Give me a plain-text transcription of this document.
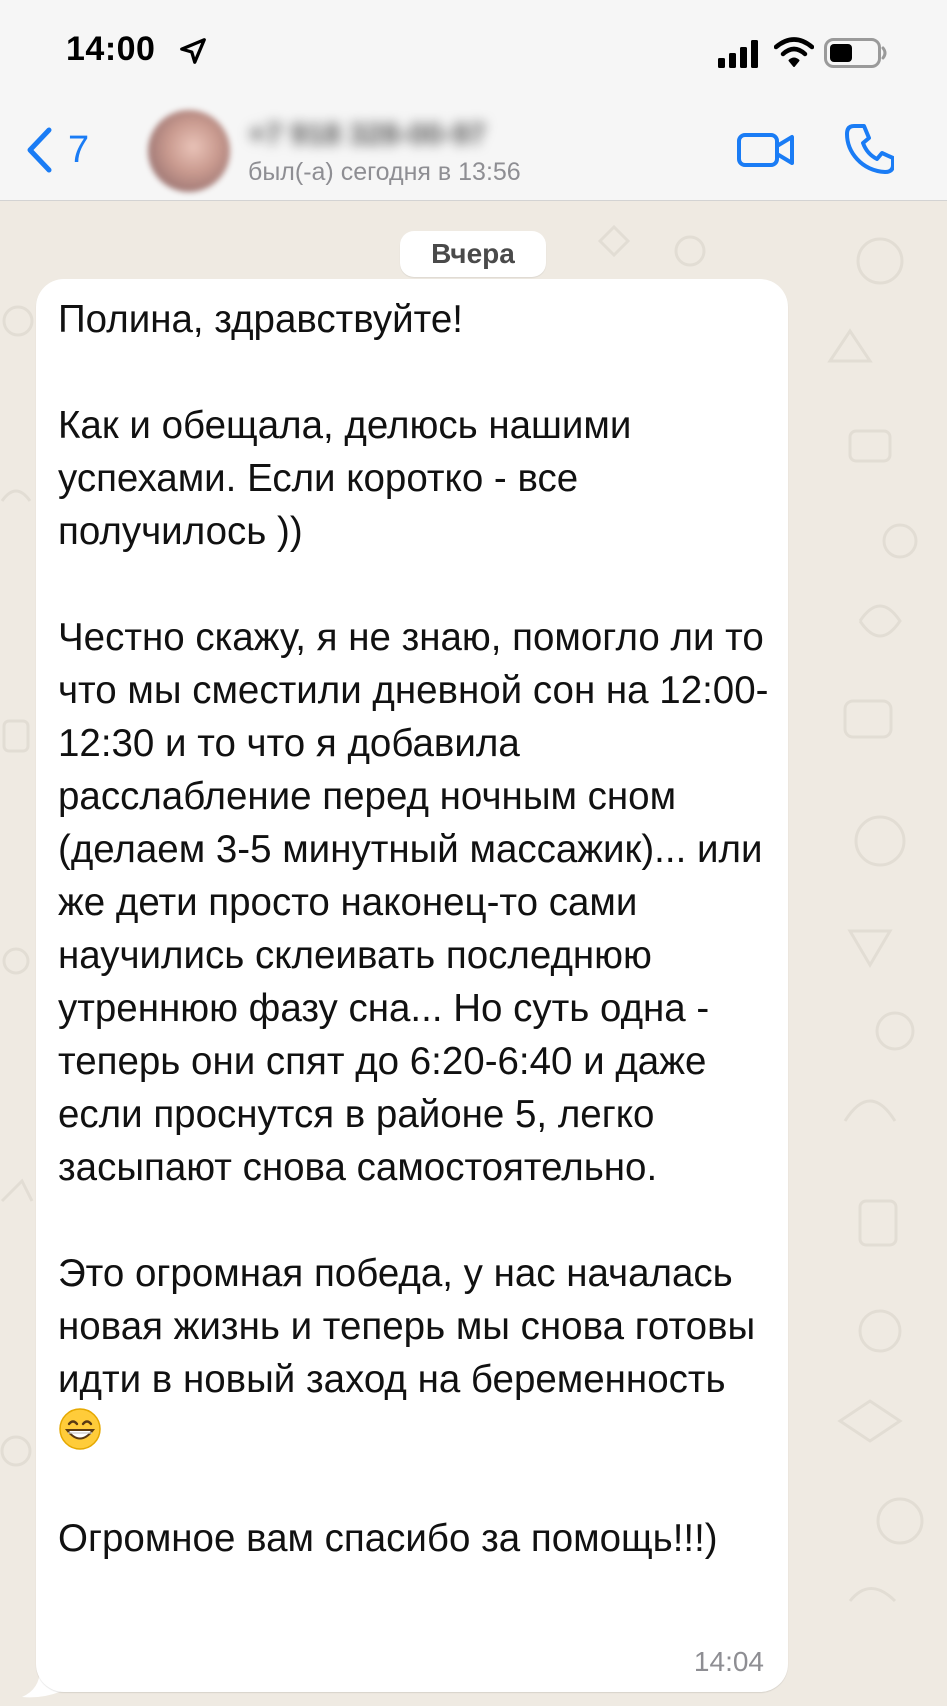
14:00
7	+7 918 328-00-97
был(-а) сегодня в 13:56
Вчера
Полина, здравствуйте!

Как и обещала, делюсь нашими успехами. Если коротко - все получилось ))

Честно скажу, я не знаю, помогло ли то что мы сместили дневной сон на 12:00-12:30 и то что я добавила расслабление перед ночным сном (делаем 3-5 минутный массажик)... или же дети просто наконец-то сами научились склеивать последнюю утреннюю фазу сна... Но суть одна - теперь они спят до 6:20-6:40 и даже если проснутся в районе 5, легко засыпают снова самостоятельно.

Это огромная победа, у нас началась новая жизнь и теперь мы снова готовы идти в новый заход на беременность

Огромное вам спасибо за помощь!!!)
14:04
